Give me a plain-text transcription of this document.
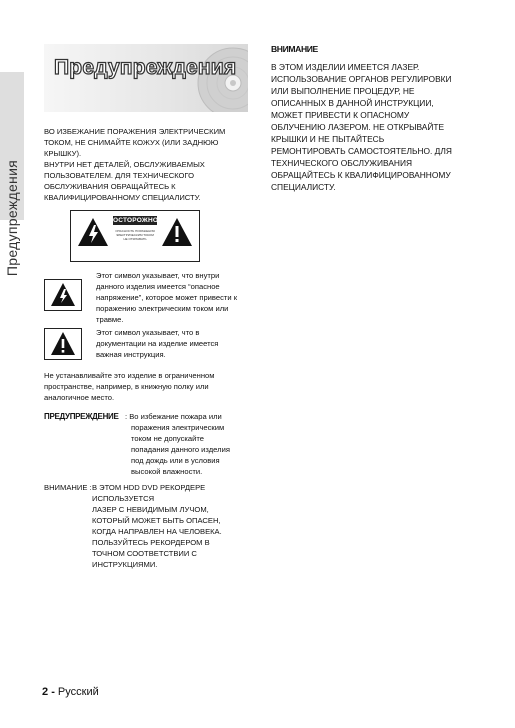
Предупреждения
Предупреждения

ВО ИЗБЕЖАНИЕ ПОРАЖЕНИЯ ЭЛЕКТРИЧЕСКИМ

ТОКОМ, НЕ СНИМАЙТЕ КОЖУХ (ИЛИ ЗАДНЮЮ

КРЫШКУ).

ВНУТРИ НЕТ ДЕТАЛЕЙ, ОБСЛУЖИВАЕМЫХ

ПОЛЬЗОВАТЕЛЕМ. ДЛЯ ТЕХНИЧЕСКОГО

ОБСЛУЖИВАНИЯ ОБРАЩАЙТЕСЬ К

КВАЛИФИЦИРОВАННОМУ СПЕЦИАЛИСТУ.

ОСТОРОЖНО
ОПАСНОСТЬ ПОРАЖЕНИЯ
ЭЛЕКТРИЧЕСКИМ ТОКОМ
НЕ ОТКРЫВАТЬ

Этот символ указывает, что внутри

данного изделия имеется “опасное

напряжение”, которое может привести к

поражению электрическим током или

травме.

Этот символ указывает, что в

документации на изделие имеется

важная инструкция.

Не устанавливайте это изделие в ограниченном

пространстве, например, в книжную полку или

аналогичное место.

ПРЕДУПРЕЖДЕНИЕ : Во избежание пожара или

поражения электрическим

током не допускайте

попадания данного изделия

под дождь или в условия

высокой влажности.

ВНИМАНИЕ : В ЭТОМ HDD DVD РЕКОРДЕРЕ

ИСПОЛЬЗУЕТСЯ

ЛАЗЕР С НЕВИДИМЫМ ЛУЧОМ,

КОТОРЫЙ МОЖЕТ БЫТЬ ОПАСЕН,

КОГДА НАПРАВЛЕН НА ЧЕЛОВЕКА.

ПОЛЬЗУЙТЕСЬ РЕКОРДЕРОМ В

ТОЧНОМ СООТВЕТСТВИИ С

ИНСТРУКЦИЯМИ.

ВНИМАНИЕ

В ЭТОМ ИЗДЕЛИИ ИМЕЕТСЯ ЛАЗЕР.

ИСПОЛЬЗОВАНИЕ ОРГАНОВ РЕГУЛИРОВКИ

ИЛИ ВЫПОЛНЕНИЕ ПРОЦЕДУР, НЕ

ОПИСАННЫХ В ДАННОЙ ИНСТРУКЦИИ,

МОЖЕТ ПРИВЕСТИ К ОПАСНОМУ

ОБЛУЧЕНИЮ ЛАЗЕРОМ. НЕ ОТКРЫВАЙТЕ

КРЫШКИ И НЕ ПЫТАЙТЕСЬ

РЕМОНТИРОВАТЬ САМОСТОЯТЕЛЬНО. ДЛЯ

ТЕХНИЧЕСКОГО ОБСЛУЖИВАНИЯ

ОБРАЩАЙТЕСЬ К КВАЛИФИЦИРОВАННОМУ

СПЕЦИАЛИСТУ.

2 - Русский
